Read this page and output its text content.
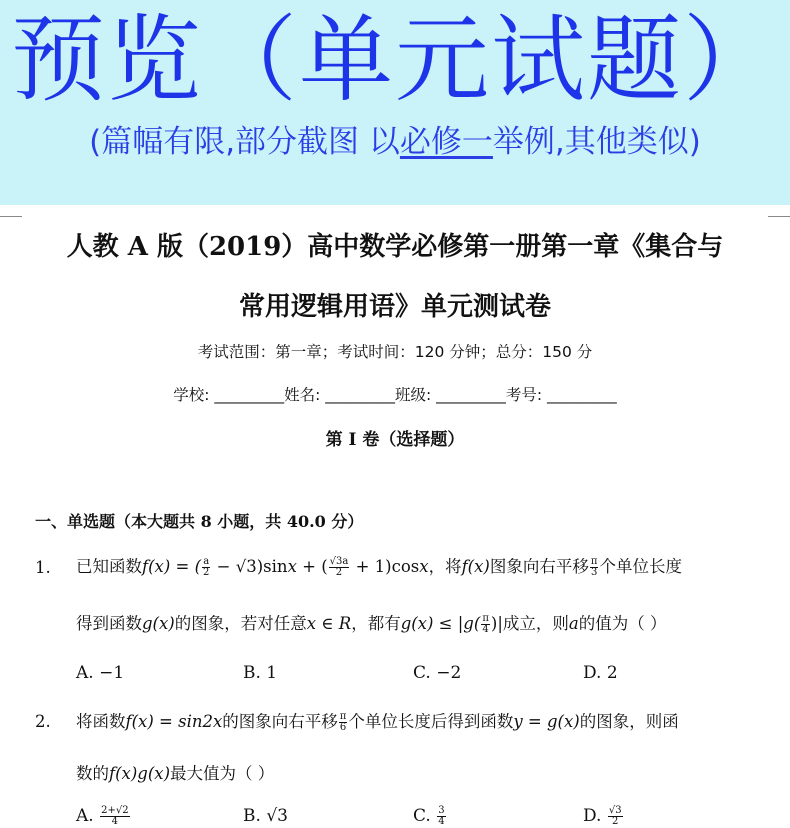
预览（单元试题）
(篇幅有限,部分截图 以必修一举例,其他类似)
人教 A 版（2019）高中数学必修第一册第一章《集合与
常用逻辑用语》单元测试卷
考试范围：第一章；考试时间：120 分钟；总分：150 分
学校: _________姓名: _________班级: _________考号: _________
第 I 卷（选择题）
一、单选题（本大题共 8 小题，共 40.0 分）
1. 已知函数f(x) = ( $\frac{a}{2} - √3)\sin x$ + ( $\frac{√3a}{2} + 1)\cos x$，将f(x)图象向右平移 $\frac{\pi}{3}$ 个单位长度
得到函数g(x)的图象，若对任意x ∈ R，都有$g(x) \le |g( \frac{\pi}{4}$ )|成立，则a的值为（ ）
A. −1	B. 1	C. −2	D. 2
2. 将函数f(x) = sin2x的图象向右平移 $\frac{\pi}{6}$ 个单位长度后得到函数y = g(x)的图象，则函
数的f(x)g(x)最大值为（ ）
A. $\frac{2+√2}{4}$	B. √3	C. $\frac{3}{4}$	D. $\frac{√3}{2}$
